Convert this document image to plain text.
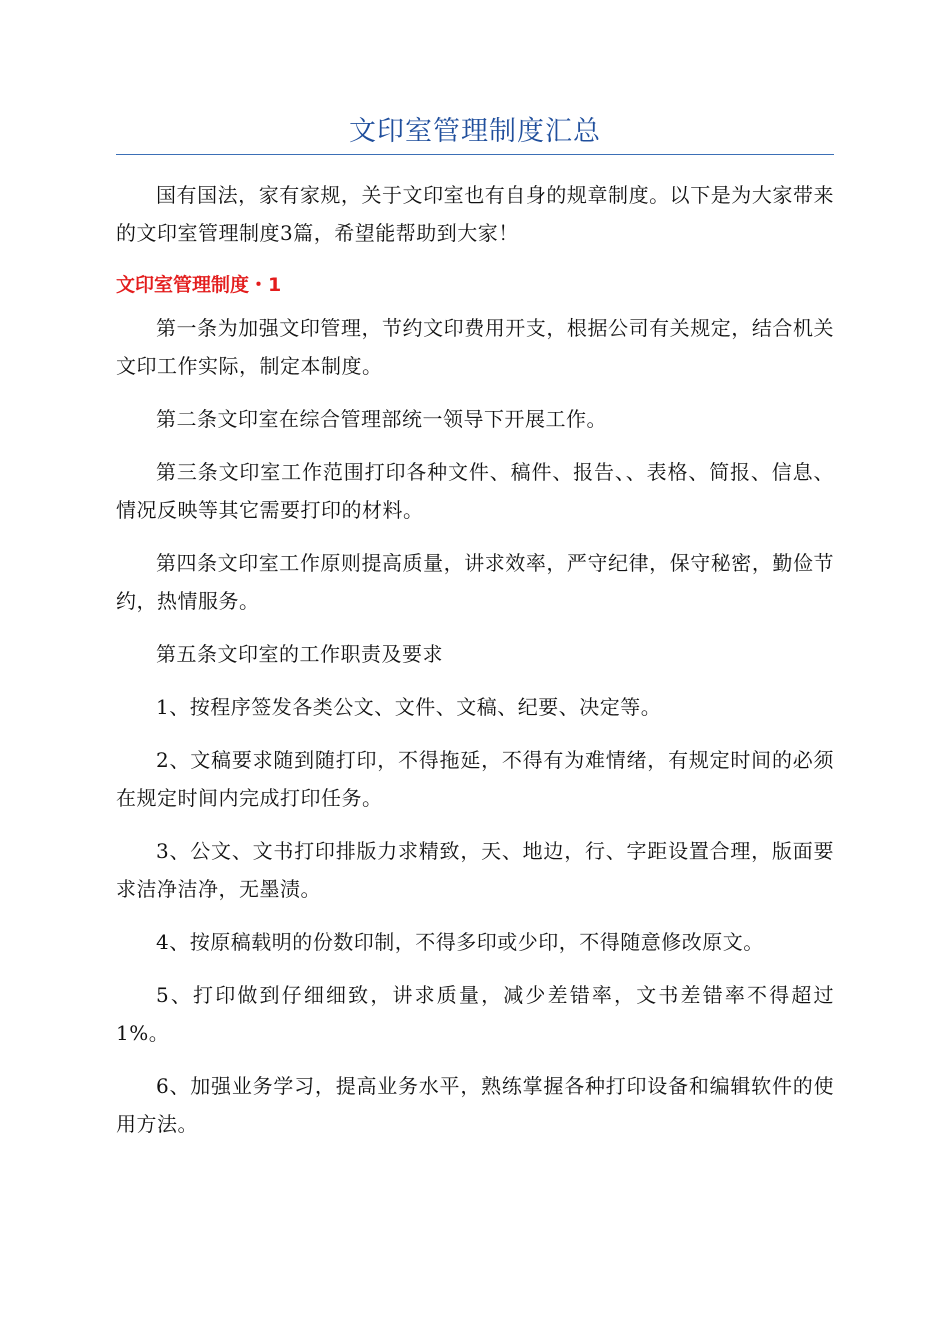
文印室管理制度汇总

国有国法，家有家规，关于文印室也有自身的规章制度。以下是为大家带来的文印室管理制度3篇，希望能帮助到大家！

文印室管理制度・1

第一条为加强文印管理，节约文印费用开支，根据公司有关规定，结合机关文印工作实际，制定本制度。

第二条文印室在综合管理部统一领导下开展工作。

第三条文印室工作范围打印各种文件、稿件、报告、、表格、简报、信息、情况反映等其它需要打印的材料。

第四条文印室工作原则提高质量，讲求效率，严守纪律，保守秘密，勤俭节约，热情服务。

第五条文印室的工作职责及要求

1、按程序签发各类公文、文件、文稿、纪要、决定等。

2、文稿要求随到随打印，不得拖延，不得有为难情绪，有规定时间的必须在规定时间内完成打印任务。

3、公文、文书打印排版力求精致，天、地边，行、字距设置合理，版面要求洁净洁净，无墨渍。

4、按原稿载明的份数印制，不得多印或少印，不得随意修改原文。

5、打印做到仔细细致，讲求质量，减少差错率，文书差错率不得超过1%。

6、加强业务学习，提高业务水平，熟练掌握各种打印设备和编辑软件的使用方法。
